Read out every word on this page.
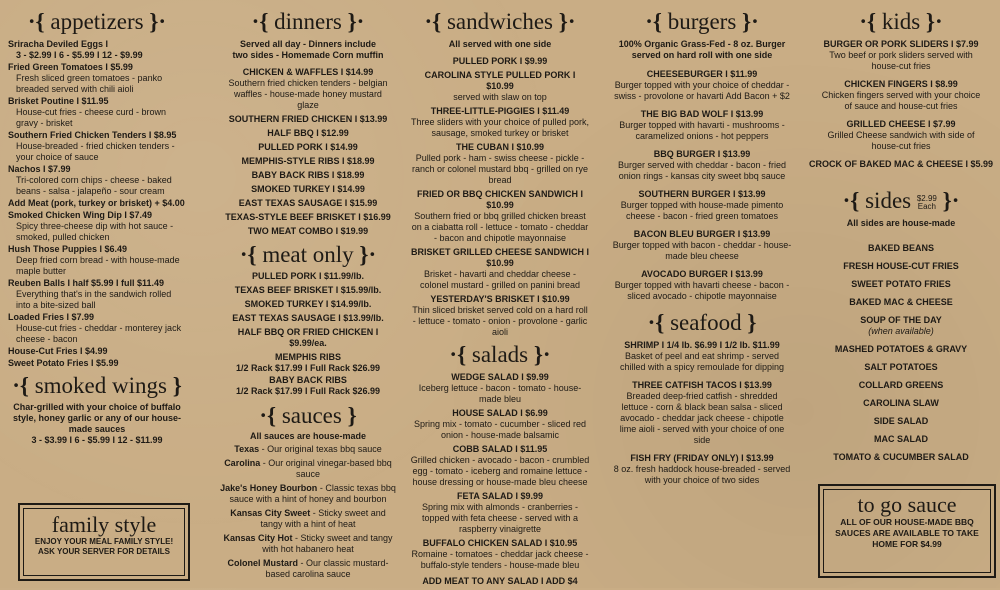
·{ appetizers }·
Sriracha Deviled Eggs I
3 - $2.99 I 6 - $5.99 I 12 - $9.99
Fried Green Tomatoes I $5.99
Fresh sliced green tomatoes - panko breaded served with chili aioli
Brisket Poutine I $11.95
House-cut fries - cheese curd - brown gravy - brisket
Southern Fried Chicken Tenders I $8.95
House-breaded - fried chicken tenders - your choice of sauce
Nachos I $7.99
Tri-colored corn chips - cheese - baked beans - salsa - jalapeño - sour cream
Add Meat (pork, turkey or brisket) + $4.00
Smoked Chicken Wing Dip I $7.49
Spicy three-cheese dip with hot sauce - smoked, pulled chicken
Hush Those Puppies I $6.49
Deep fried corn bread - with house-made maple butter
Reuben Balls I half $5.99 I full $11.49
Everything that's in the sandwich rolled into a bite-sized ball
Loaded Fries I $7.99
House-cut fries - cheddar - monterey jack cheese - bacon
House-Cut Fries I $4.99
Sweet Potato Fries I $5.99
·{ smoked wings }
Char-grilled with your choice of buffalo style, honey garlic or any of our house-made sauces
3 - $3.99 I 6 - $5.99 I 12 - $11.99
family style
ENJOY YOUR MEAL FAMILY STYLE!
ASK YOUR SERVER FOR DETAILS
·{ dinners }·
Served all day - Dinners include two sides - Homemade Corn muffin
CHICKEN & WAFFLES I $14.99
Southern fried chicken tenders - belgian waffles - house-made honey mustard glaze
SOUTHERN FRIED CHICKEN I $13.99
HALF BBQ I $12.99
PULLED PORK I $14.99
MEMPHIS-STYLE RIBS I $18.99
BABY BACK RIBS I $18.99
SMOKED TURKEY I $14.99
EAST TEXAS SAUSAGE I $15.99
TEXAS-STYLE BEEF BRISKET I $16.99
TWO MEAT COMBO I $19.99
·{ meat only }·
PULLED PORK I $11.99/lb.
TEXAS BEEF BRISKET I $15.99/lb.
SMOKED TURKEY I $14.99/lb.
EAST TEXAS SAUSAGE I $13.99/lb.
HALF BBQ OR FRIED CHICKEN I $9.99/ea.
MEMPHIS RIBS
1/2 Rack $17.99 I Full Rack $26.99
BABY BACK RIBS
1/2 Rack $17.99 I Full Rack $26.99
·{ sauces }
All sauces are house-made
Texas - Our original texas bbq sauce
Carolina - Our original vinegar-based bbq sauce
Jake's Honey Bourbon - Classic texas bbq sauce with a hint of honey and bourbon
Kansas City Sweet - Sticky sweet and tangy with a hint of heat
Kansas City Hot - Sticky sweet and tangy with hot habanero heat
Colonel Mustard - Our classic mustard-based carolina sauce
·{ sandwiches }·
All served with one side
PULLED PORK I $9.99
CAROLINA STYLE PULLED PORK I $10.99
served with slaw on top
THREE-LITTLE-PIGGIES I $11.49
Three sliders with your choice of pulled pork, sausage, smoked turkey or brisket
THE CUBAN I $10.99
Pulled pork - ham - swiss cheese - pickle - ranch or colonel mustard bbq - grilled on rye bread
FRIED OR BBQ CHICKEN SANDWICH I $10.99
Southern fried or bbq grilled chicken breast on a ciabatta roll - lettuce - tomato - cheddar - bacon and chipotle mayonnaise
BRISKET GRILLED CHEESE SANDWICH I $10.99
Brisket - havarti and cheddar cheese - colonel mustard - grilled on panini bread
YESTERDAY'S BRISKET I $10.99
Thin sliced brisket served cold on a hard roll - lettuce - tomato - onion - provolone - garlic aioli
·{ salads }·
WEDGE SALAD I $9.99
Iceberg lettuce - bacon - tomato - house-made bleu
HOUSE SALAD I $6.99
Spring mix - tomato - cucumber - sliced red onion - house-made balsamic
COBB SALAD I $11.95
Grilled chicken - avocado - bacon - crumbled egg - tomato - iceberg and romaine lettuce - house dressing or house-made bleu cheese
FETA SALAD I $9.99
Spring mix with almonds - cranberries - topped with feta cheese - served with a raspberry vinaigrette
BUFFALO CHICKEN SALAD I $10.95
Romaine - tomatoes - cheddar jack cheese - buffalo-style tenders - house-made bleu
ADD MEAT TO ANY SALAD I ADD $4
·{ burgers }·
100% Organic Grass-Fed - 8 oz. Burger served on hard roll with one side
CHEESEBURGER I $11.99
Burger topped with your choice of cheddar - swiss - provolone or havarti Add Bacon + $2
THE BIG BAD WOLF I $13.99
Burger topped with havarti - mushrooms - caramelized onions - hot peppers
BBQ BURGER I $13.99
Burger served with cheddar - bacon - fried onion rings - kansas city sweet bbq sauce
SOUTHERN BURGER I $13.99
Burger topped with house-made pimento cheese - bacon - fried green tomatoes
BACON BLEU BURGER I $13.99
Burger topped with bacon - cheddar - house-made bleu cheese
AVOCADO BURGER I $13.99
Burger topped with havarti cheese - bacon - sliced avocado - chipotle mayonnaise
·{ seafood }
SHRIMP I 1/4 lb. $6.99 I 1/2 lb. $11.99
Basket of peel and eat shrimp - served chilled with a spicy remoulade for dipping
THREE CATFISH TACOS I $13.99
Breaded deep-fried catfish - shredded lettuce - corn & black bean salsa - sliced avocado - cheddar jack cheese - chipotle lime aioli - served with your choice of one side
FISH FRY (FRIDAY ONLY) I $13.99
8 oz. fresh haddock house-breaded - served with your choice of two sides
·{ kids }·
BURGER OR PORK SLIDERS I $7.99
Two beef or pork sliders served with house-cut fries
CHICKEN FINGERS I $8.99
Chicken fingers served with your choice of sauce and house-cut fries
GRILLED CHEESE I $7.99
Grilled Cheese sandwich with side of house-cut fries
CROCK OF BAKED MAC & CHEESE I $5.99
·{ sides $2.99
Each }·
All sides are house-made
BAKED BEANS
FRESH HOUSE-CUT FRIES
SWEET POTATO FRIES
BAKED MAC & CHEESE
SOUP OF THE DAY
(when available)
MASHED POTATOES & GRAVY
SALT POTATOES
COLLARD GREENS
CAROLINA SLAW
SIDE SALAD
MAC SALAD
TOMATO & CUCUMBER SALAD
to go sauce
ALL OF OUR HOUSE-MADE BBQ SAUCES ARE AVAILABLE TO TAKE HOME FOR $4.99
